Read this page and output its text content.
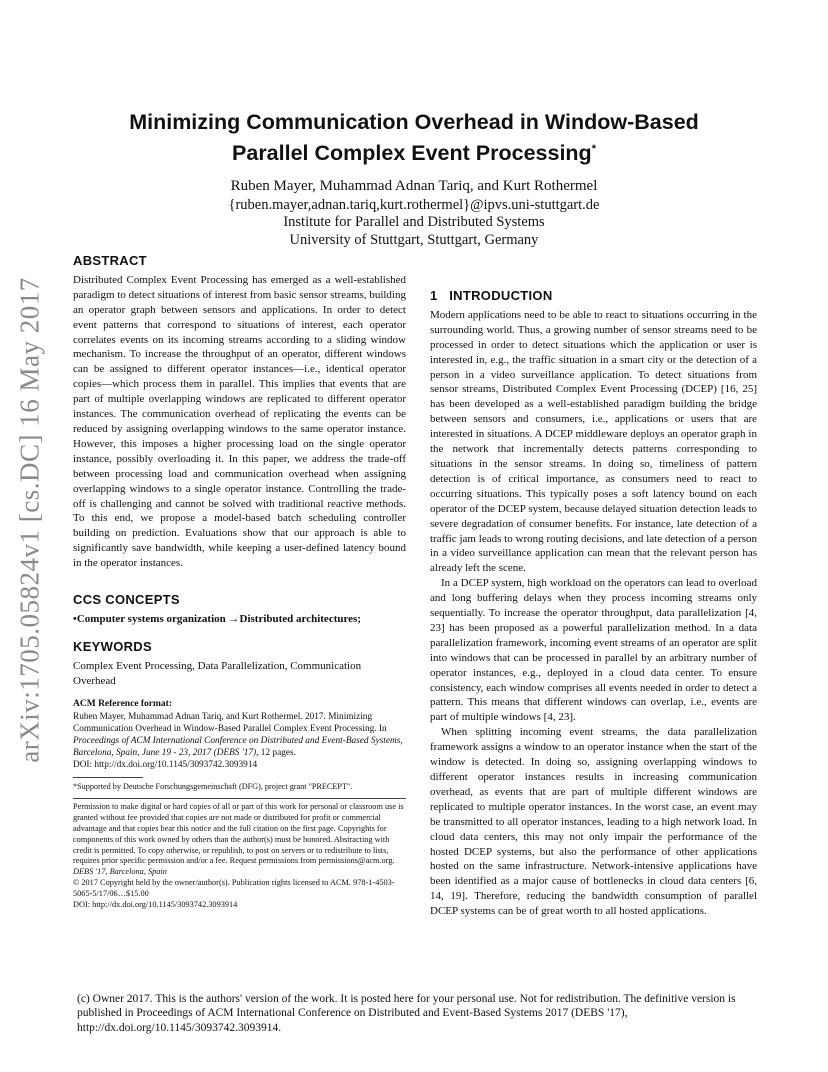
arXiv:1705.05824v1 [cs.DC] 16 May 2017

Minimizing Communication Overhead in Window-Based

Parallel Complex Event Processing*

Ruben Mayer, Muhammad Adnan Tariq, and Kurt Rothermel
{ruben.mayer,adnan.tariq,kurt.rothermel}@ipvs.uni-stuttgart.de
Institute for Parallel and Distributed Systems
University of Stuttgart, Stuttgart, Germany
ABSTRACT

Distributed Complex Event Processing has emerged as a well-established paradigm to detect situations of interest from basic sensor streams, building an operator graph between sensors and applications. In order to detect event patterns that correspond to situations of interest, each operator correlates events on its incoming streams according to a sliding window mechanism. To increase the throughput of an operator, different windows can be assigned to different operator instances—i.e., identical operator copies—which process them in parallel. This implies that events that are part of multiple overlapping windows are replicated to different operator instances. The communication overhead of replicating the events can be reduced by assigning overlapping windows to the same operator instance. However, this imposes a higher processing load on the single operator instance, possibly overloading it. In this paper, we address the trade-off between processing load and communication overhead when assigning overlapping windows to a single operator instance. Controlling the trade-off is challenging and cannot be solved with traditional reactive methods. To this end, we propose a model-based batch scheduling controller building on prediction. Evaluations show that our approach is able to significantly save bandwidth, while keeping a user-defined latency bound in the operator instances.

CCS CONCEPTS

•Computer systems organization →Distributed architectures;

KEYWORDS

Complex Event Processing, Data Parallelization, Communication Overhead

ACM Reference format:

Ruben Mayer, Muhammad Adnan Tariq, and Kurt Rothermel. 2017. Minimizing Communication Overhead in Window-Based Parallel Complex Event Processing. In Proceedings of ACM International Conference on Distributed and Event-Based Systems, Barcelona, Spain, June 19 - 23, 2017 (DEBS '17), 12 pages.

DOI: http://dx.doi.org/10.1145/3093742.3093914

*Supported by Deutsche Forschungsgemeinschaft (DFG), project grant "PRECEPT".

Permission to make digital or hard copies of all or part of this work for personal or classroom use is granted without fee provided that copies are not made or distributed for profit or commercial advantage and that copies bear this notice and the full citation on the first page. Copyrights for components of this work owned by others than the author(s) must be honored. Abstracting with credit is permitted. To copy otherwise, or republish, to post on servers or to redistribute to lists, requires prior specific permission and/or a fee. Request permissions from permissions@acm.org.

DEBS '17, Barcelona, Spain

© 2017 Copyright held by the owner/author(s). Publication rights licensed to ACM. 978-1-4503-5065-5/17/06…$15.00

DOI: http://dx.doi.org/10.1145/3093742.3093914

1   INTRODUCTION

Modern applications need to be able to react to situations occurring in the surrounding world. Thus, a growing number of sensor streams need to be processed in order to detect situations which the application or user is interested in, e.g., the traffic situation in a smart city or the detection of a person in a video surveillance application. To detect situations from sensor streams, Distributed Complex Event Processing (DCEP) [16, 25] has been developed as a well-established paradigm building the bridge between sensors and consumers, i.e., applications or users that are interested in situations. A DCEP middleware deploys an operator graph in the network that incrementally detects patterns corresponding to situations in the sensor streams. In doing so, timeliness of pattern detection is of critical importance, as consumers need to react to occurring situations. This typically poses a soft latency bound on each operator of the DCEP system, because delayed situation detection leads to severe degradation of consumer benefits. For instance, late detection of a traffic jam leads to wrong routing decisions, and late detection of a person in a video surveillance application can mean that the relevant person has already left the scene.

In a DCEP system, high workload on the operators can lead to overload and long buffering delays when they process incoming streams only sequentially. To increase the operator throughput, data parallelization [4, 23] has been proposed as a powerful parallelization method. In a data parallelization framework, incoming event streams of an operator are split into windows that can be processed in parallel by an arbitrary number of operator instances, e.g., deployed in a cloud data center. To ensure consistency, each window comprises all events needed in order to detect a pattern. This means that different windows can overlap, i.e., events are part of multiple windows [4, 23].

When splitting incoming event streams, the data parallelization framework assigns a window to an operator instance when the start of the window is detected. In doing so, assigning overlapping windows to different operator instances results in increasing communication overhead, as events that are part of multiple different windows are replicated to multiple operator instances. In the worst case, an event may be transmitted to all operator instances, leading to a high network load. In cloud data centers, this may not only impair the performance of the hosted DCEP systems, but also the performance of other applications hosted on the same infrastructure. Network-intensive applications have been identified as a major cause of bottlenecks in cloud data centers [6, 14, 19]. Therefore, reducing the bandwidth consumption of parallel DCEP systems can be of great worth to all hosted applications.

(c) Owner 2017. This is the authors' version of the work. It is posted here for your personal use. Not for redistribution. The definitive version is published in Proceedings of ACM International Conference on Distributed and Event-Based Systems 2017 (DEBS '17), http://dx.doi.org/10.1145/3093742.3093914.
